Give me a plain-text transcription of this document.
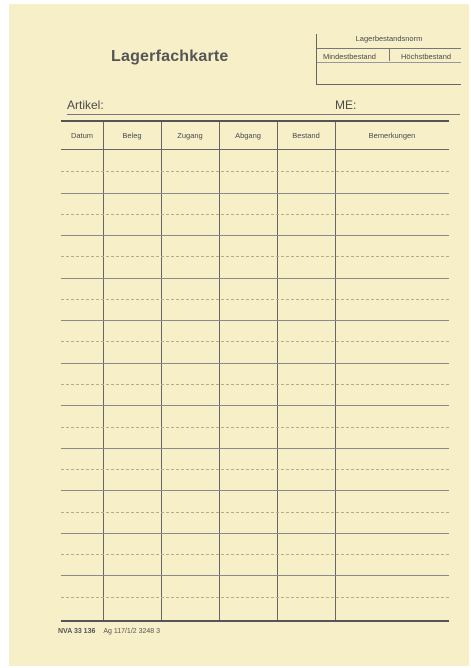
Lagerfachkarte
Lagerbestandsnorm
Mindestbestand	Höchstbestand
Artikel:	ME:
Datum	Beleg	Zugang	Abgang	Bestand	Bemerkungen
NVA 33 136 Ag 117/1/2 3248 3
